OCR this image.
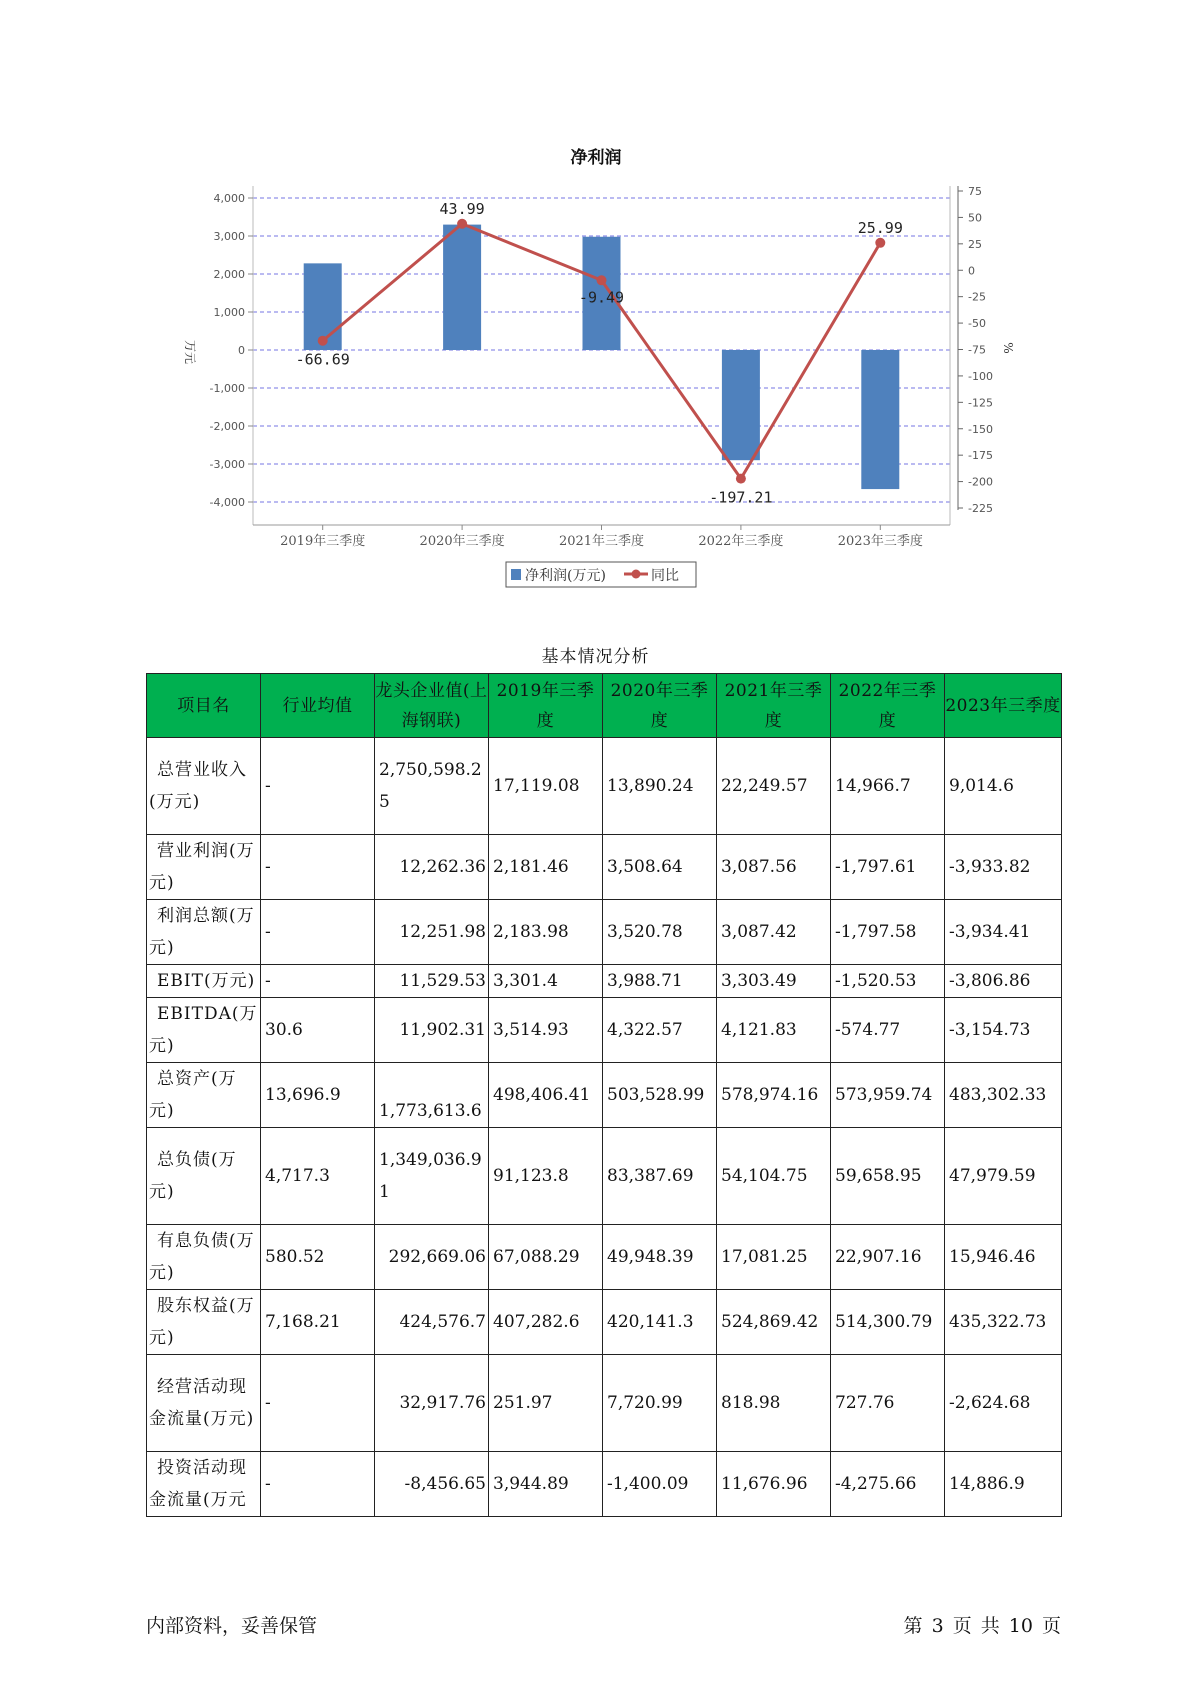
净利润
4,000
3,000
2,000
1,000
0
-1,000
-2,000
-3,000
-4,000
75
50
25
0
-25
-50
-75
-100
-125
-150
-175
-200
-225
万元	%
-66.69
43.99
-9.49
-197.21
25.99
2019年三季度	2020年三季度	2021年三季度	2022年三季度	2023年三季度
净利润(万元)	同比
基本情况分析
项目名	行业均值	龙头企业值(上海钢联)	2019年三季度	2020年三季度	2021年三季度	2022年三季度	2023年三季度
总营业收入(万元)	-	2,750,598.25	17,119.08	13,890.24	22,249.57	14,966.7	9,014.6
营业利润(万元)	-	12,262.36	2,181.46	3,508.64	3,087.56	-1,797.61	-3,933.82
利润总额(万元)	-	12,251.98	2,183.98	3,520.78	3,087.42	-1,797.58	-3,934.41
EBIT(万元)	-	11,529.53	3,301.4	3,988.71	3,303.49	-1,520.53	-3,806.86
EBITDA(万元)	30.6	11,902.31	3,514.93	4,322.57	4,121.83	-574.77	-3,154.73
总资产(万元)	13,696.9	1,773,613.6	498,406.41	503,528.99	578,974.16	573,959.74	483,302.33
总负债(万元)	4,717.3	1,349,036.91	91,123.8	83,387.69	54,104.75	59,658.95	47,979.59
有息负债(万元)	580.52	292,669.06	67,088.29	49,948.39	17,081.25	22,907.16	15,946.46
股东权益(万元)	7,168.21	424,576.7	407,282.6	420,141.3	524,869.42	514,300.79	435,322.73
经营活动现金流量(万元)	-	32,917.76	251.97	7,720.99	818.98	727.76	-2,624.68
投资活动现金流量(万元	-	-8,456.65	3,944.89	-1,400.09	11,676.96	-4,275.66	14,886.9
内部资料，妥善保管	第 3 页 共 10 页
